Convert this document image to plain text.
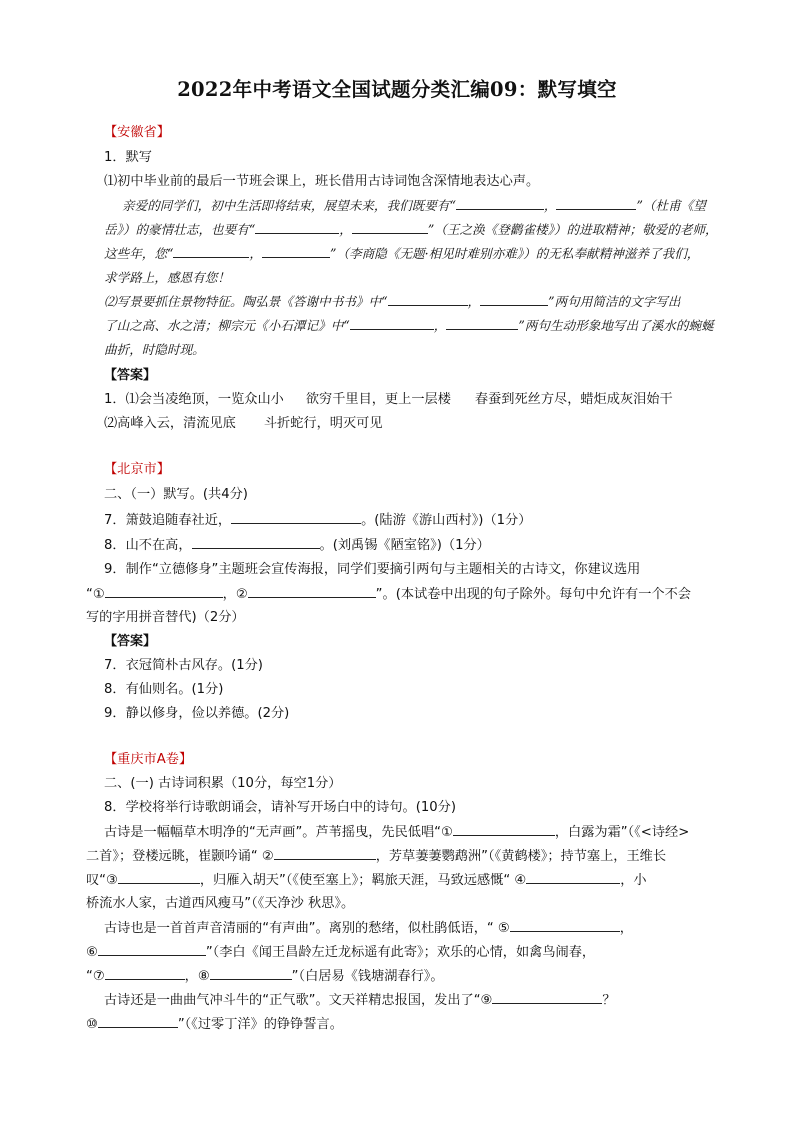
2022年中考语文全国试题分类汇编09：默写填空
【安徽省】
1．默写
⑴初中毕业前的最后一节班会课上，班长借用古诗词饱含深情地表达心声。
亲爱的同学们，初中生活即将结束，展望未来，我们既要有“	，	”（杜甫《望
岳》）的豪情壮志，也要有“	，	”（王之涣《登鹳雀楼》）的进取精神；敬爱的老师，
这些年，您“	，	”（李商隐《无题·相见时难别亦难》）的无私奉献精神滋养了我们，
求学路上，感恩有您！
⑵写景要抓住景物特征。陶弘景《答谢中书书》中“	，	”两句用简洁的文字写出
了山之高、水之清；柳宗元《小石潭记》中“	，	”两句生动形象地写出了溪水的蜿蜒
曲折，时隐时现。
【答案】
1．⑴会当凌绝顶，一览众山小 欲穷千里目，更上一层楼 春蚕到死丝方尽，蜡炬成灰泪始干
⑵高峰入云，清流见底 斗折蛇行，明灭可见
【北京市】
二、（一）默写。(共4分)
7．箫鼓追随春社近，	。(陆游《游山西村》)（1分）
8．山不在高，	。(刘禹锡《陋室铭》)（1分）
9．制作“立德修身”主题班会宣传海报，同学们要摘引两句与主题相关的古诗文，你建议选用
“①	，②	”。(本试卷中出现的句子除外。每句中允许有一个不会
写的字用拼音替代)（2分）
【答案】
7．衣冠简朴古风存。(1分)
8．有仙则名。(1分)
9．静以修身，俭以养德。(2分)
【重庆市A卷】
二、(一) 古诗词积累（10分，每空1分）
8．学校将举行诗歌朗诵会，请补写开场白中的诗句。(10分)
古诗是一幅幅草木明净的“无声画”。芦苇摇曳，先民低唱“①	，白露为霜”（《<诗经>
二首》；登楼远眺，崔颢吟诵“ ②	，芳草萋萋鹦鹉洲”（《黄鹤楼》；持节塞上，王维长
叹“③	，归雁入胡天”（《使至塞上》；羁旅天涯，马致远感慨“ ④	，小
桥流水人家，古道西风瘦马”（《天净沙 秋思》。
古诗也是一首首声音清丽的“有声曲”。离别的愁绪，似杜鹃低语，“ ⑤	，
⑥	”（李白《闻王昌龄左迁龙标遥有此寄》；欢乐的心情，如禽鸟闹春，
“⑦	，⑧	”（白居易《钱塘湖春行》。
古诗还是一曲曲气冲斗牛的“正气歌”。文天祥精忠报国，发出了“⑨	？
⑩	”（《过零丁洋》的铮铮誓言。
